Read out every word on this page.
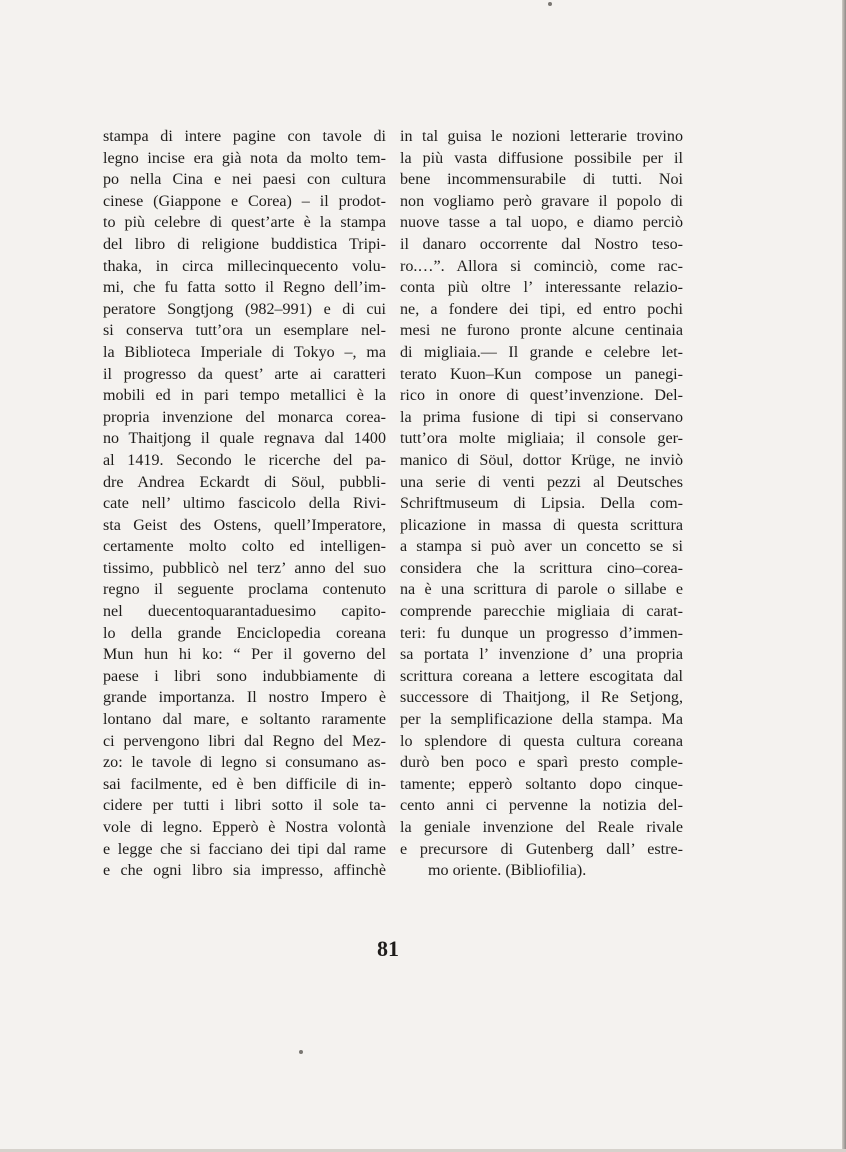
stampa di intere pagine con tavole di
legno incise era già nota da molto tem-
po nella Cina e nei paesi con cultura
cinese (Giappone e Corea) – il prodot-
to più celebre di quest’arte è la stampa
del libro di religione buddistica Tripi-
thaka, in circa millecinquecento volu-
mi, che fu fatta sotto il Regno dell’im-
peratore Songtjong (982–991) e di cui
si conserva tutt’ora un esemplare nel-
la Biblioteca Imperiale di Tokyo –, ma
il progresso da quest’ arte ai caratteri
mobili ed in pari tempo metallici è la
propria invenzione del monarca corea-
no Thaitjong il quale regnava dal 1400
al 1419. Secondo le ricerche del pa-
dre Andrea Eckardt di Söul, pubbli-
cate nell’ ultimo fascicolo della Rivi-
sta Geist des Ostens, quell’Imperatore,
certamente molto colto ed intelligen-
tissimo, pubblicò nel terz’ anno del suo
regno il seguente proclama contenuto
nel duecentoquarantaduesimo capito-
lo della grande Enciclopedia coreana
Mun hun hi ko: “ Per il governo del
paese i libri sono indubbiamente di
grande importanza. Il nostro Impero è
lontano dal mare, e soltanto raramente
ci pervengono libri dal Regno del Mez-
zo: le tavole di legno si consumano as-
sai facilmente, ed è ben difficile di in-
cidere per tutti i libri sotto il sole ta-
vole di legno. Epperò è Nostra volontà
e legge che si facciano dei tipi dal rame
e che ogni libro sia impresso, affinchè
in tal guisa le nozioni letterarie trovino
la più vasta diffusione possibile per il
bene incommensurabile di tutti. Noi
non vogliamo però gravare il popolo di
nuove tasse a tal uopo, e diamo perciò
il danaro occorrente dal Nostro teso-
ro.…”. Allora si cominciò, come rac-
conta più oltre l’ interessante relazio-
ne, a fondere dei tipi, ed entro pochi
mesi ne furono pronte alcune centinaia
di migliaia.— Il grande e celebre let-
terato Kuon–Kun compose un panegi-
rico in onore di quest’invenzione. Del-
la prima fusione di tipi si conservano
tutt’ora molte migliaia; il console ger-
manico di Söul, dottor Krüge, ne inviò
una serie di venti pezzi al Deutsches
Schriftmuseum di Lipsia. Della com-
plicazione in massa di questa scrittura
a stampa si può aver un concetto se si
considera che la scrittura cino–corea-
na è una scrittura di parole o sillabe e
comprende parecchie migliaia di carat-
teri: fu dunque un progresso d’immen-
sa portata l’ invenzione d’ una propria
scrittura coreana a lettere escogitata dal
successore di Thaitjong, il Re Setjong,
per la semplificazione della stampa. Ma
lo splendore di questa cultura coreana
durò ben poco e sparì presto comple-
tamente; epperò soltanto dopo cinque-
cento anni ci pervenne la notizia del-
la geniale invenzione del Reale rivale
e precursore di Gutenberg dall’ estre-
mo oriente. (Bibliofilia).
81
